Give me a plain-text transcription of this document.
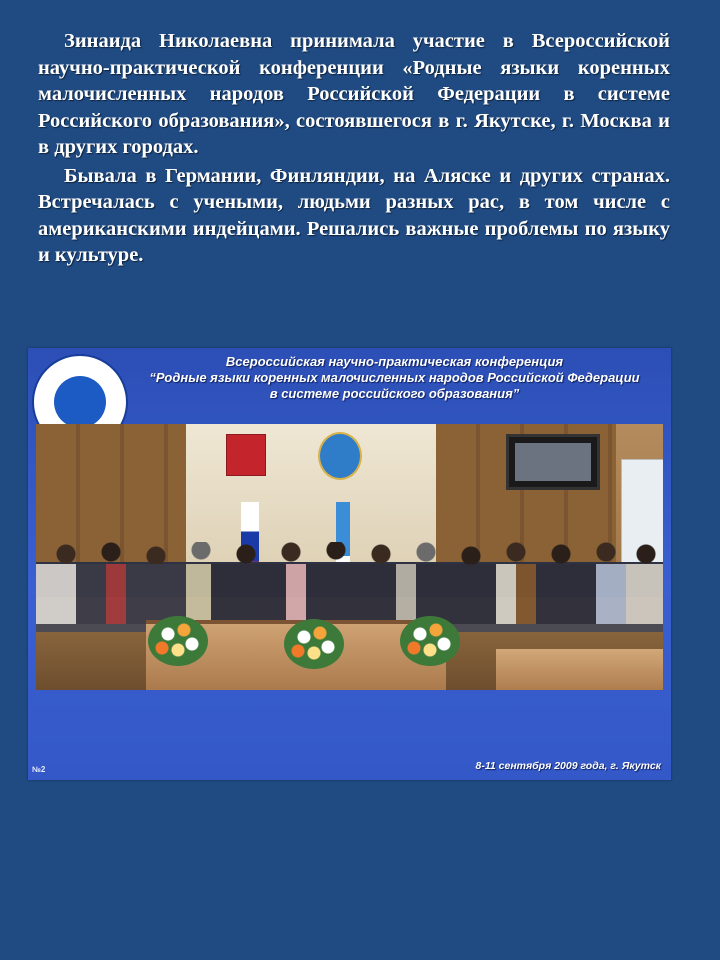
Зинаида Николаевна принимала участие в Всероссийской научно-практической конференции «Родные языки коренных малочисленных народов Российской Федерации в системе Российского образования», состоявшегося в г. Якутске, г. Москва и в других городах.

Бывала в Германии, Финляндии, на Аляске и других странах. Встречалась с учеными, людьми разных рас, в том числе с американскими индейцами. Решались важные проблемы по языку и культуре.

Всероссийская научно-практическая конференция
“Родные языки коренных малочисленных народов Российской Федерации
в системе российского образования”
№2	8-11 сентября 2009 года, г. Якутск
